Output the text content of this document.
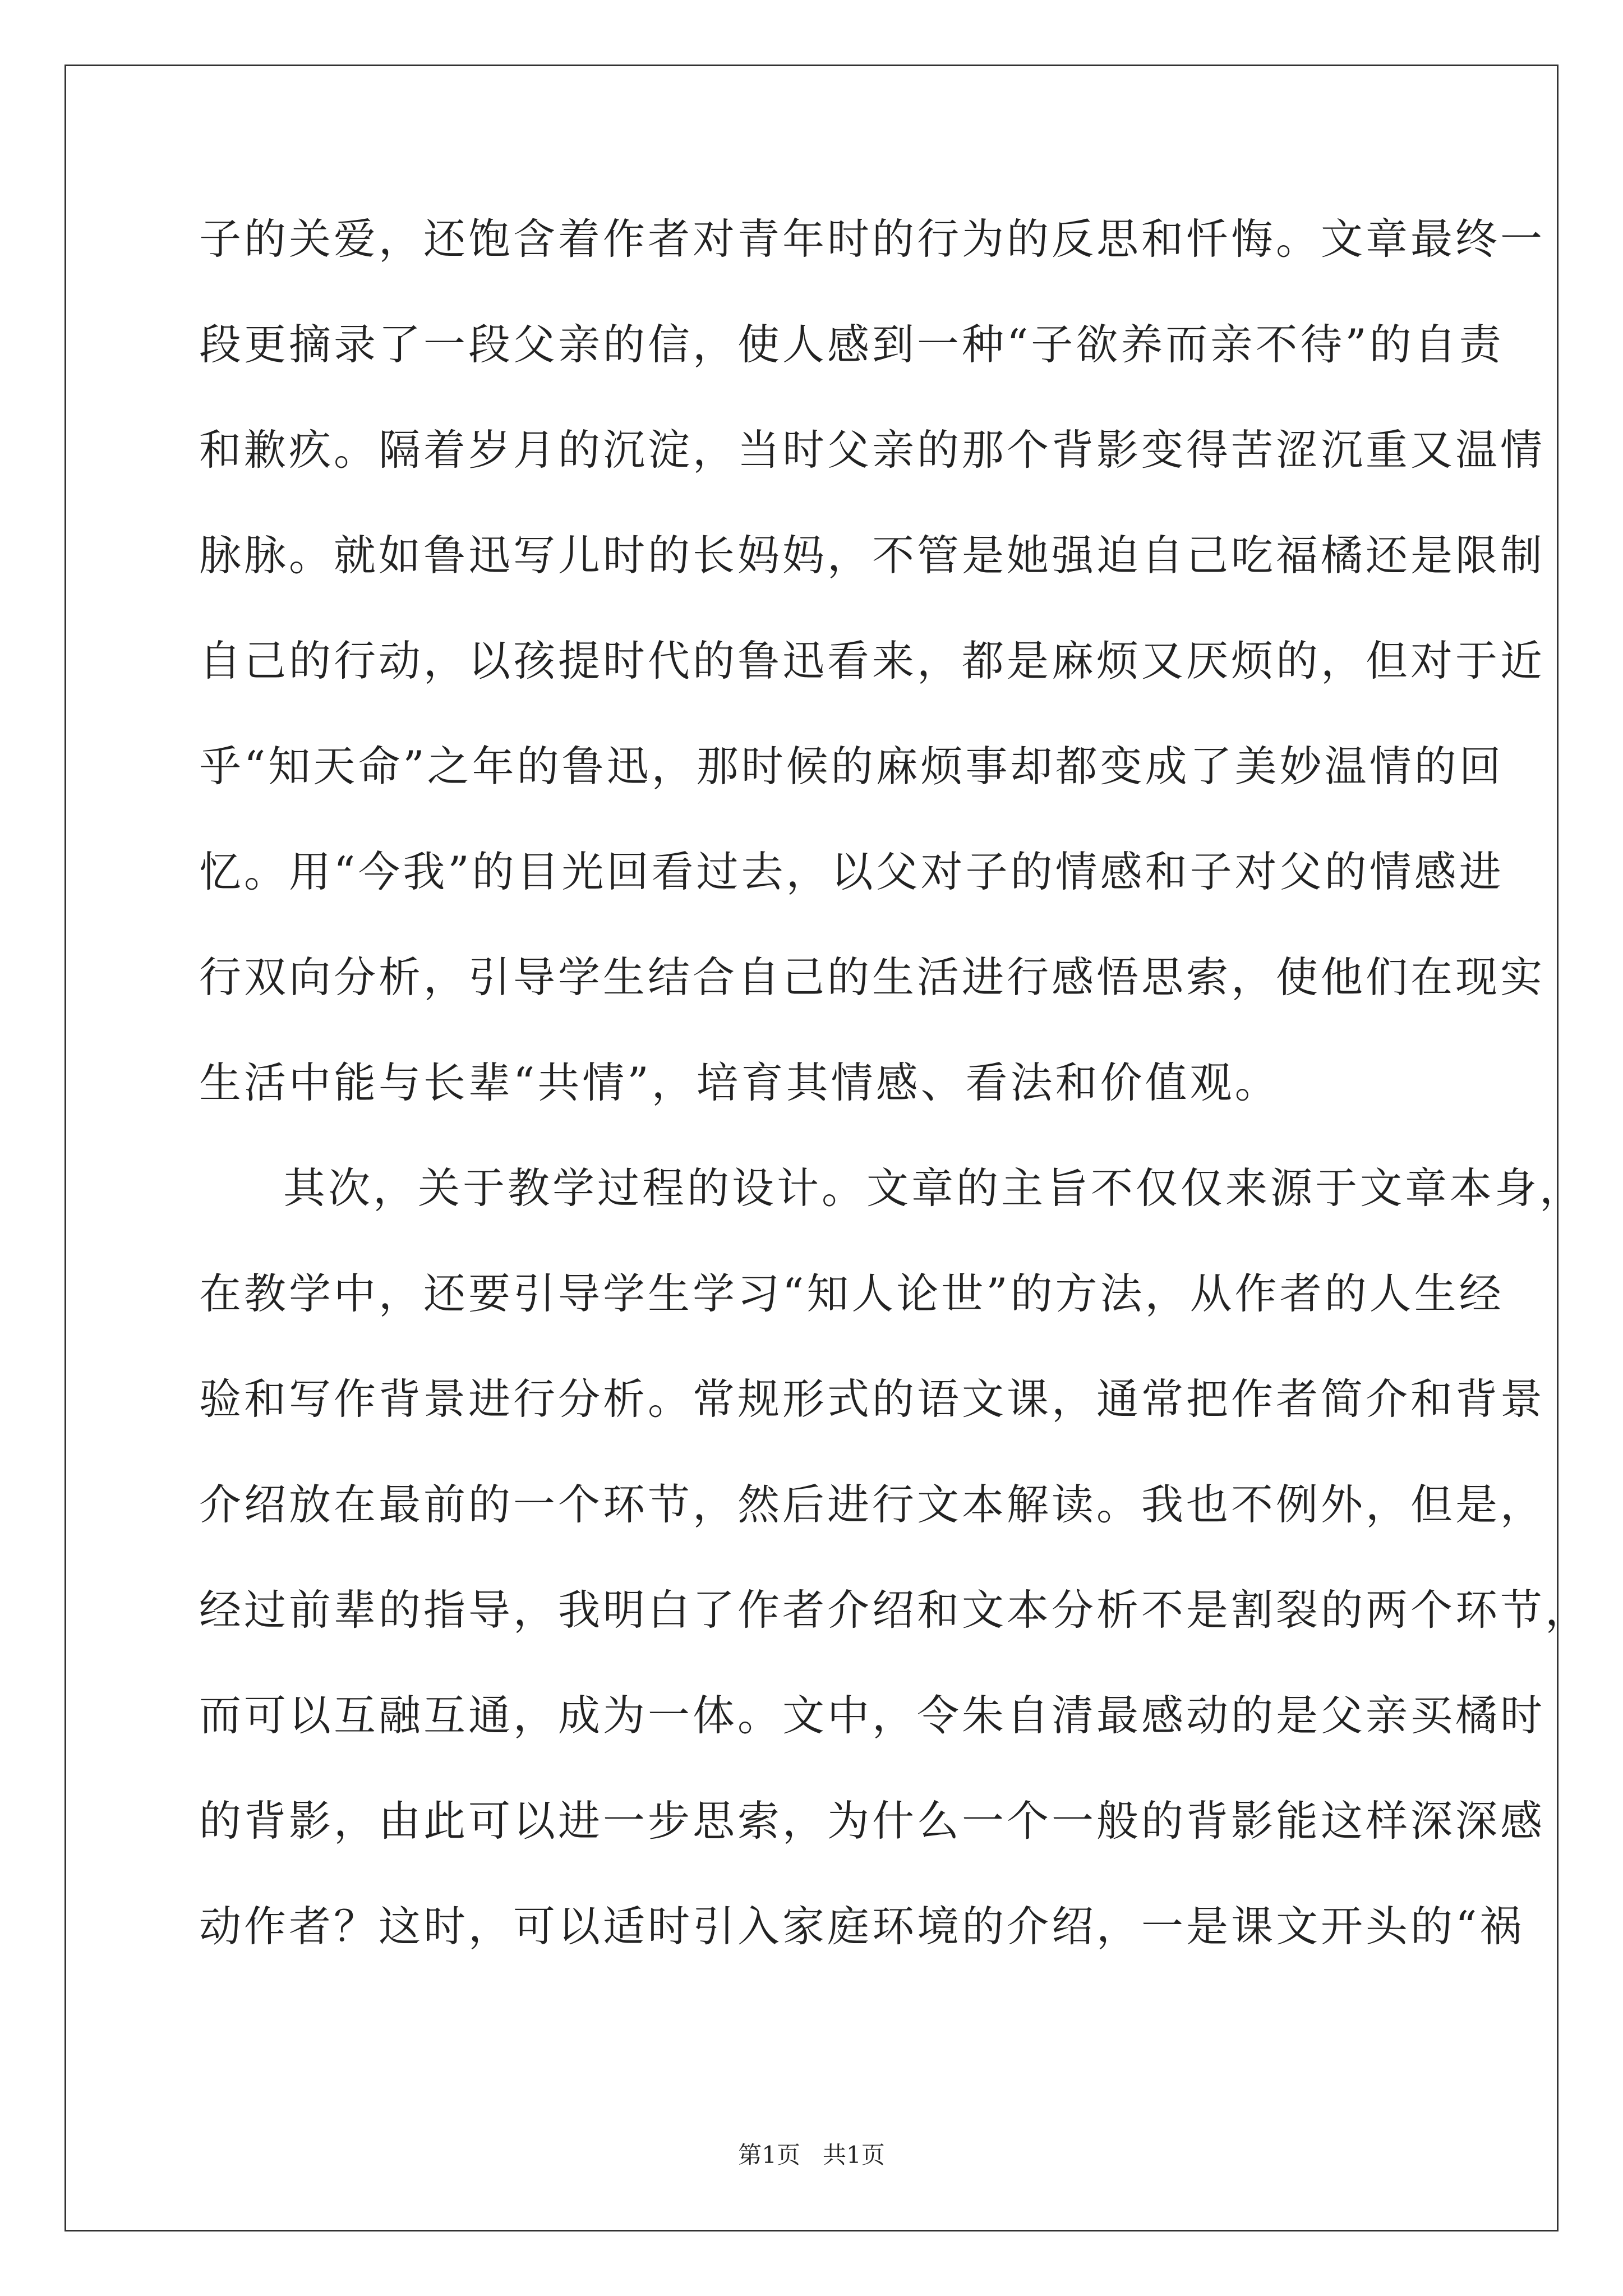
子的关爱，还饱含着作者对青年时的行为的反思和忏悔。文章最终一
段更摘录了一段父亲的信，使人感到一种“子欲养而亲不待”的自责
和歉疚。隔着岁月的沉淀，当时父亲的那个背影变得苦涩沉重又温情
脉脉。就如鲁迅写儿时的长妈妈，不管是她强迫自己吃福橘还是限制
自己的行动，以孩提时代的鲁迅看来，都是麻烦又厌烦的，但对于近
乎“知天命”之年的鲁迅，那时候的麻烦事却都变成了美妙温情的回
忆。用“今我”的目光回看过去，以父对子的情感和子对父的情感进
行双向分析，引导学生结合自己的生活进行感悟思索，使他们在现实
生活中能与长辈“共情”，培育其情感、看法和价值观。
其次，关于教学过程的设计。文章的主旨不仅仅来源于文章本身，
在教学中，还要引导学生学习“知人论世”的方法，从作者的人生经
验和写作背景进行分析。常规形式的语文课，通常把作者简介和背景
介绍放在最前的一个环节，然后进行文本解读。我也不例外，但是，
经过前辈的指导，我明白了作者介绍和文本分析不是割裂的两个环节，
而可以互融互通，成为一体。文中，令朱自清最感动的是父亲买橘时
的背影，由此可以进一步思索，为什么一个一般的背影能这样深深感
动作者？这时，可以适时引入家庭环境的介绍，一是课文开头的“祸
第1页   共1页
